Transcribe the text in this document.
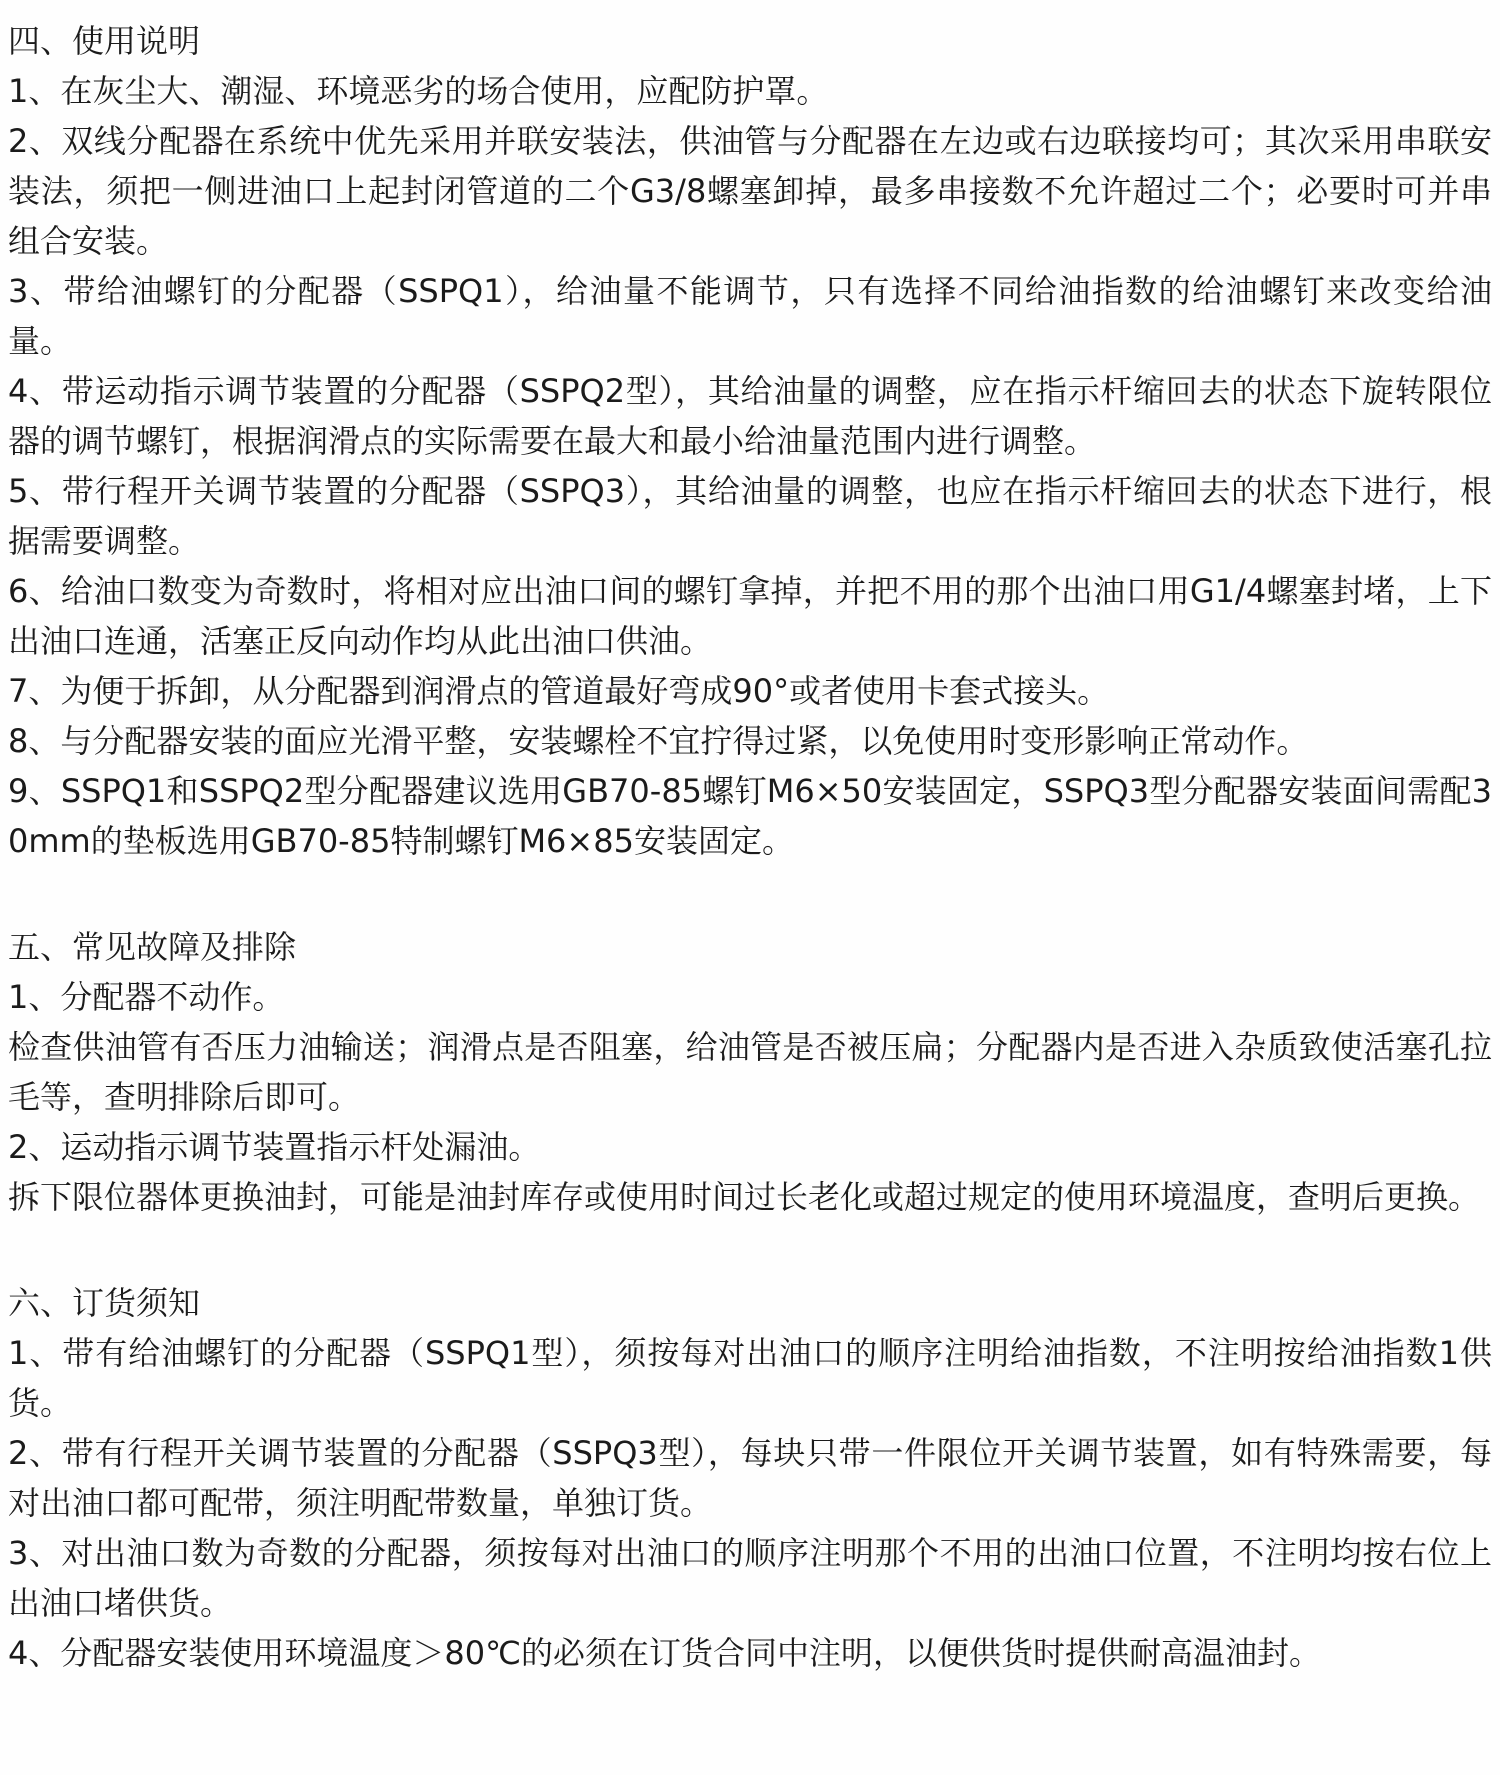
四、使用说明

1、在灰尘大、潮湿、环境恶劣的场合使用，应配防护罩。

2、双线分配器在系统中优先采用并联安装法，供油管与分配器在左边或右边联接均可；其次采用串联安装法，须把一侧进油口上起封闭管道的二个G3/8螺塞卸掉，最多串接数不允许超过二个；必要时可并串组合安装。

3、带给油螺钉的分配器（SSPQ1），给油量不能调节，只有选择不同给油指数的给油螺钉来改变给油量。

4、带运动指示调节装置的分配器（SSPQ2型），其给油量的调整，应在指示杆缩回去的状态下旋转限位器的调节螺钉，根据润滑点的实际需要在最大和最小给油量范围内进行调整。

5、带行程开关调节装置的分配器（SSPQ3），其给油量的调整，也应在指示杆缩回去的状态下进行，根据需要调整。

6、给油口数变为奇数时，将相对应出油口间的螺钉拿掉，并把不用的那个出油口用G1/4螺塞封堵，上下出油口连通，活塞正反向动作均从此出油口供油。

7、为便于拆卸，从分配器到润滑点的管道最好弯成90°或者使用卡套式接头。

8、与分配器安装的面应光滑平整，安装螺栓不宜拧得过紧，以免使用时变形影响正常动作。

9、SSPQ1和SSPQ2型分配器建议选用GB70-85螺钉M6×50安装固定，SSPQ3型分配器安装面间需配30mm的垫板选用GB70-85特制螺钉M6×85安装固定。

五、常见故障及排除

1、分配器不动作。

检查供油管有否压力油输送；润滑点是否阻塞，给油管是否被压扁；分配器内是否进入杂质致使活塞孔拉毛等，查明排除后即可。

2、运动指示调节装置指示杆处漏油。

拆下限位器体更换油封，可能是油封库存或使用时间过长老化或超过规定的使用环境温度，查明后更换。

六、订货须知

1、带有给油螺钉的分配器（SSPQ1型），须按每对出油口的顺序注明给油指数，不注明按给油指数1供货。

2、带有行程开关调节装置的分配器（SSPQ3型），每块只带一件限位开关调节装置，如有特殊需要，每对出油口都可配带，须注明配带数量，单独订货。

3、对出油口数为奇数的分配器，须按每对出油口的顺序注明那个不用的出油口位置，不注明均按右位上出油口堵供货。

4、分配器安装使用环境温度＞80℃的必须在订货合同中注明，以便供货时提供耐高温油封。
